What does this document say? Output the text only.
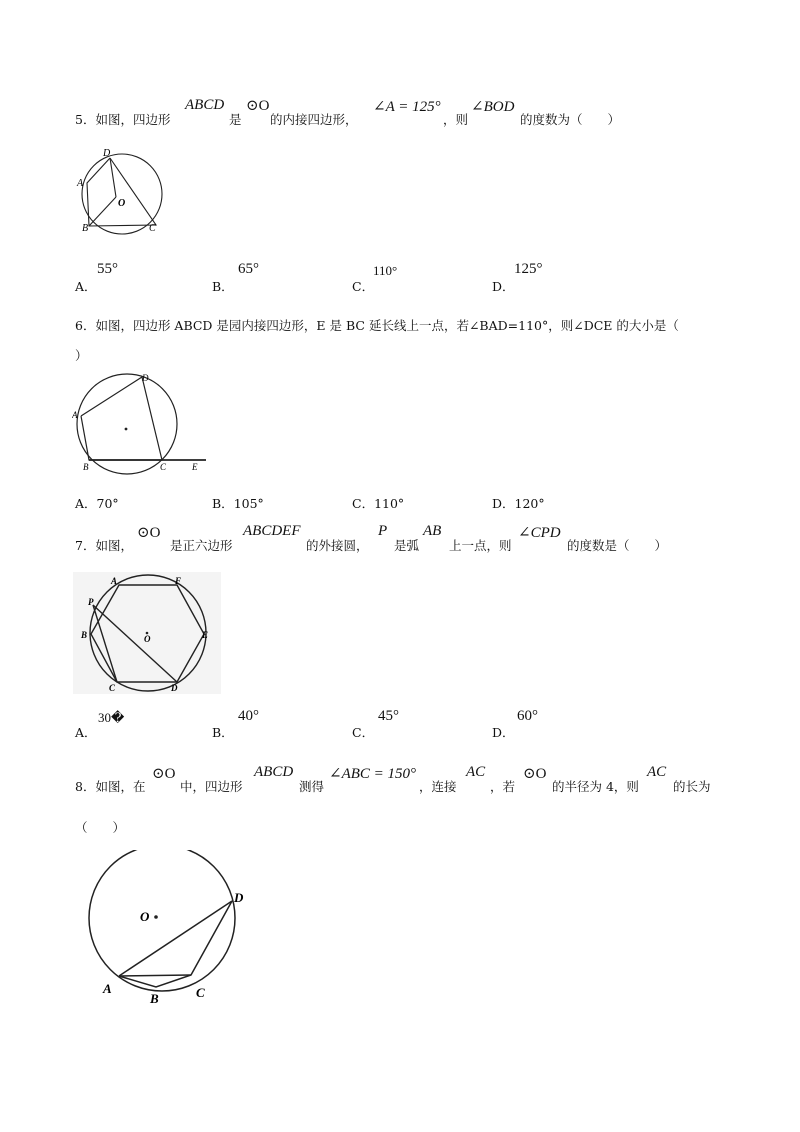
5．如图，四边形
ABCD
是
⊙O
的内接四边形，
∠A = 125°
，则
∠BOD
的度数为（　　）
D
A
O
B	C
A．
55°
B．
65°
C．
110°
D．
125°
6．如图，四边形 ABCD 是园内接四边形，E 是 BC 延长线上一点，若∠BAD=110°，则∠DCE 的大小是（
）
D
A
B	C	E
A．70°	B．105°	C．110°	D．120°
7．如图，
⊙O
是正六边形
ABCDEF
的外接圆，
P
是弧
AB
上一点，则
∠CPD
的度数是（　　）
A	F
P
B	O	E
C	D
A．
30�
B．
40°
C．
45°
D．
60°
8．如图，在
⊙O
中，四边形
ABCD
测得
∠ABC = 150°
，连接
AC
，若
⊙O
的半径为 4，则
AC
的长为
（　　）
O
D
A
B	C
